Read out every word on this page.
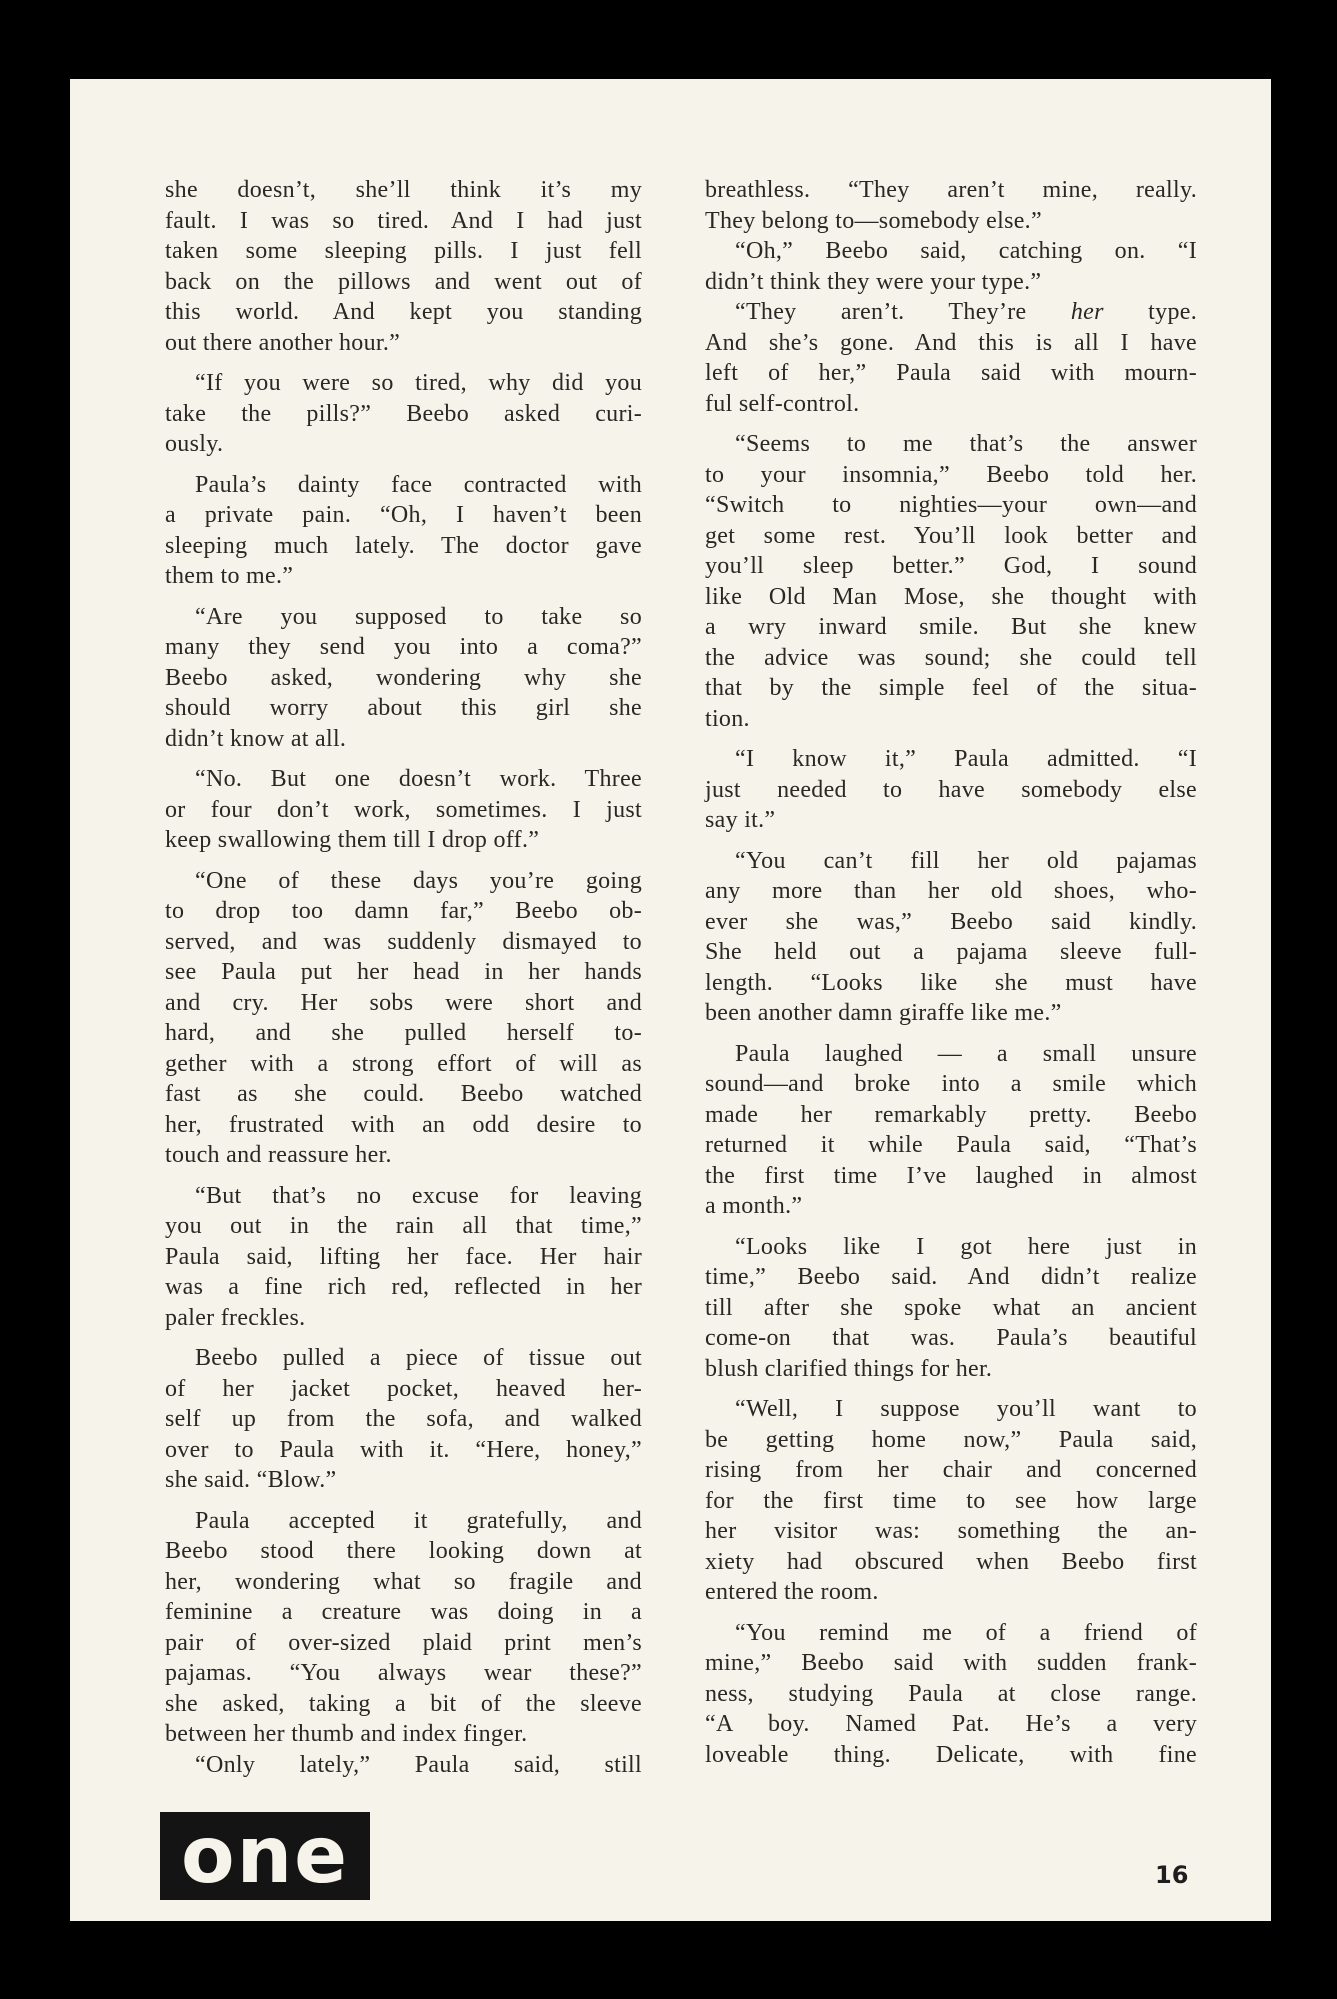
she doesn’t, she’ll think it’s my
fault. I was so tired. And I had just
taken some sleeping pills. I just fell
back on the pillows and went out of
this world. And kept you standing
out there another hour.”
“If you were so tired, why did you
take the pills?” Beebo asked curi-
ously.
Paula’s dainty face contracted with
a private pain. “Oh, I haven’t been
sleeping much lately. The doctor gave
them to me.”
“Are you supposed to take so
many they send you into a coma?”
Beebo asked, wondering why she
should worry about this girl she
didn’t know at all.
“No. But one doesn’t work. Three
or four don’t work, sometimes. I just
keep swallowing them till I drop off.”
“One of these days you’re going
to drop too damn far,” Beebo ob-
served, and was suddenly dismayed to
see Paula put her head in her hands
and cry. Her sobs were short and
hard, and she pulled herself to-
gether with a strong effort of will as
fast as she could. Beebo watched
her, frustrated with an odd desire to
touch and reassure her.
“But that’s no excuse for leaving
you out in the rain all that time,”
Paula said, lifting her face. Her hair
was a fine rich red, reflected in her
paler freckles.
Beebo pulled a piece of tissue out
of her jacket pocket, heaved her-
self up from the sofa, and walked
over to Paula with it. “Here, honey,”
she said. “Blow.”
Paula accepted it gratefully, and
Beebo stood there looking down at
her, wondering what so fragile and
feminine a creature was doing in a
pair of over-sized plaid print men’s
pajamas. “You always wear these?”
she asked, taking a bit of the sleeve
between her thumb and index finger.
“Only lately,” Paula said, still
breathless. “They aren’t mine, really.
They belong to—somebody else.”
“Oh,” Beebo said, catching on. “I
didn’t think they were your type.”
“They aren’t. They’re her type.
And she’s gone. And this is all I have
left of her,” Paula said with mourn-
ful self-control.
“Seems to me that’s the answer
to your insomnia,” Beebo told her.
“Switch to nighties—your own—and
get some rest. You’ll look better and
you’ll sleep better.” God, I sound
like Old Man Mose, she thought with
a wry inward smile. But she knew
the advice was sound; she could tell
that by the simple feel of the situa-
tion.
“I know it,” Paula admitted. “I
just needed to have somebody else
say it.”
“You can’t fill her old pajamas
any more than her old shoes, who-
ever she was,” Beebo said kindly.
She held out a pajama sleeve full-
length. “Looks like she must have
been another damn giraffe like me.”
Paula laughed — a small unsure
sound—and broke into a smile which
made her remarkably pretty. Beebo
returned it while Paula said, “That’s
the first time I’ve laughed in almost
a month.”
“Looks like I got here just in
time,” Beebo said. And didn’t realize
till after she spoke what an ancient
come-on that was. Paula’s beautiful
blush clarified things for her.
“Well, I suppose you’ll want to
be getting home now,” Paula said,
rising from her chair and concerned
for the first time to see how large
her visitor was: something the an-
xiety had obscured when Beebo first
entered the room.
“You remind me of a friend of
mine,” Beebo said with sudden frank-
ness, studying Paula at close range.
“A boy. Named Pat. He’s a very
loveable thing. Delicate, with fine
one	16
